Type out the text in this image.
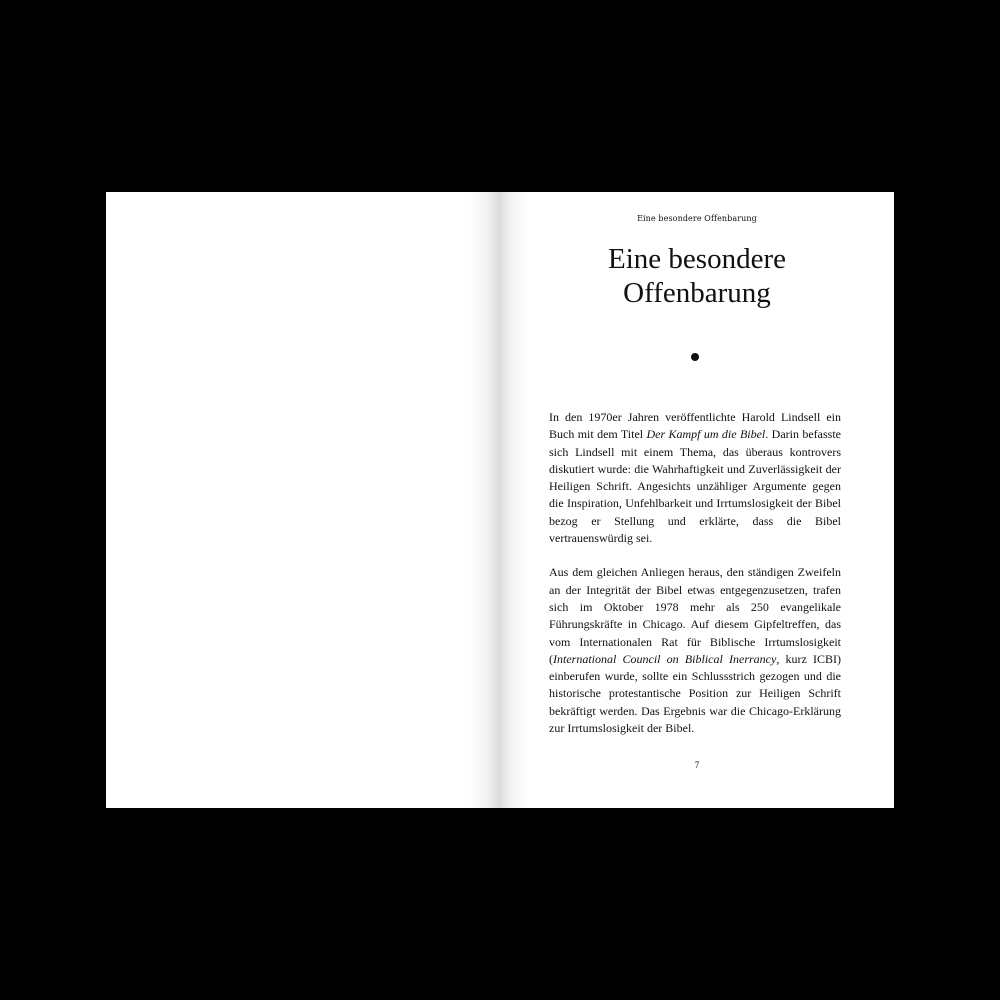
Eine besondere Offenbarung
Eine besondere
Offenbarung

In den 1970er Jahren veröffentlichte Harold Lindsell ein Buch mit dem Titel Der Kampf um die Bibel. Darin befasste sich Lindsell mit einem Thema, das überaus kontrovers diskutiert wurde: die Wahrhaftigkeit und Zuverlässigkeit der Heiligen Schrift. Angesichts unzähliger Argumente gegen die Inspiration, Unfehlbarkeit und Irrtumslosigkeit der Bibel bezog er Stellung und erklärte, dass die Bibel vertrauenswürdig sei.

Aus dem gleichen Anliegen heraus, den ständigen Zweifeln an der Integrität der Bibel etwas entgegenzusetzen, trafen sich im Oktober 1978 mehr als 250 evangelikale Führungskräfte in Chicago. Auf diesem Gipfeltreffen, das vom Internationalen Rat für Biblische Irrtumslosigkeit (International Council on Biblical Inerrancy, kurz ICBI) einberufen wurde, sollte ein Schlussstrich gezogen und die historische protestantische Position zur Heiligen Schrift bekräftigt werden. Das Ergebnis war die Chicago-Erklärung zur Irrtumslosigkeit der Bibel.

7
